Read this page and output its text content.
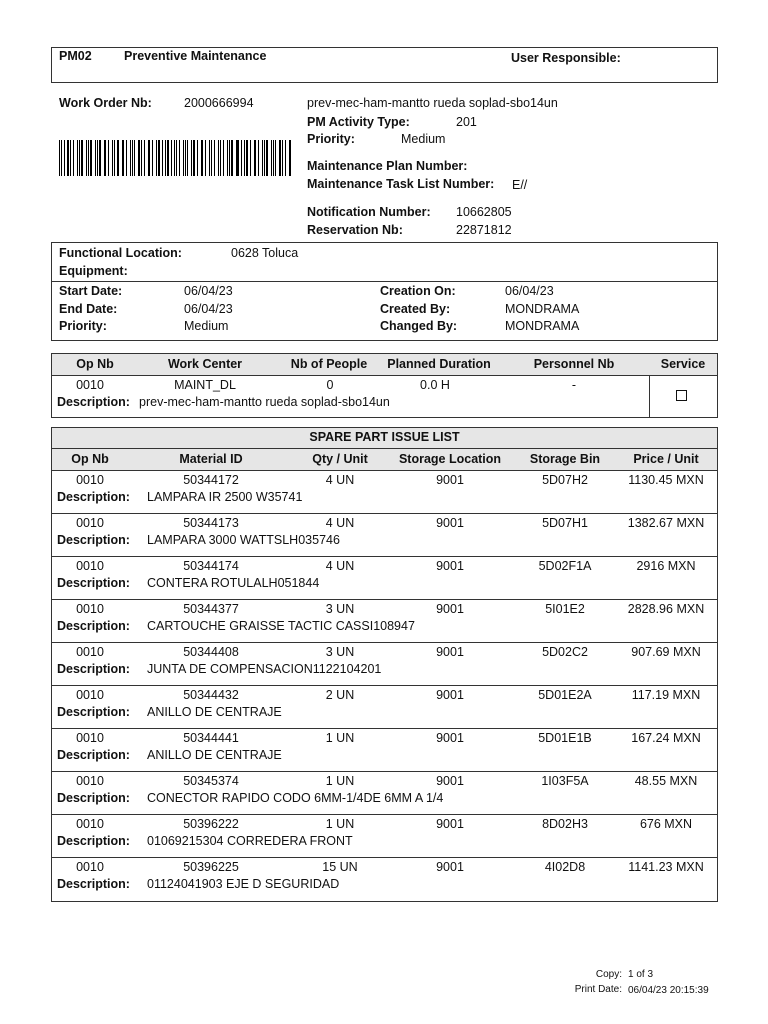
PM02	Preventive Maintenance	User Responsible:
Work Order Nb:	2000666994	prev-mec-ham-mantto rueda soplad-sbo14un
PM Activity Type:	201
Priority:	Medium
Maintenance Plan Number:
Maintenance Task List Number: E//
Notification Number: 10662805
Reservation Nb:	22871812
Functional Location:	0628 Toluca
Equipment:
Start Date:	06/04/23
End Date:	06/04/23
Priority:	Medium
Creation On:	06/04/23
Created By:	MONDRAMA
Changed By:	MONDRAMA
Op Nb	Work Center	Nb of People	Planned Duration	Personnel Nb	Service
0010	MAINT_DL	0	0.0 H	-
Description: prev-mec-ham-mantto rueda soplad-sbo14un
SPARE PART ISSUE LIST
Op Nb	Material ID	Qty / Unit	Storage Location	Storage Bin	Price / Unit
0010	50344172	4 UN	9001	5D07H2	1130.45 MXN
Description: LAMPARA IR 2500 W35741
0010	50344173	4 UN	9001	5D07H1	1382.67 MXN
Description: LAMPARA 3000 WATTSLH035746
0010	50344174	4 UN	9001	5D02F1A	2916 MXN
Description: CONTERA ROTULALH051844
0010	50344377	3 UN	9001	5I01E2	2828.96 MXN
Description: CARTOUCHE GRAISSE TACTIC CASSI108947
0010	50344408	3 UN	9001	5D02C2	907.69 MXN
Description: JUNTA DE COMPENSACION1122104201
0010	50344432	2 UN	9001	5D01E2A	117.19 MXN
Description: ANILLO DE CENTRAJE
0010	50344441	1 UN	9001	5D01E1B	167.24 MXN
Description: ANILLO DE CENTRAJE
0010	50345374	1 UN	9001	1I03F5A	48.55 MXN
Description: CONECTOR RAPIDO CODO 6MM-1/4DE 6MM A 1/4
0010	50396222	1 UN	9001	8D02H3	676 MXN
Description: 01069215304 CORREDERA FRONT
0010	50396225	15 UN	9001	4I02D8	1141.23 MXN
Description: 01124041903 EJE D SEGURIDAD
Copy: 1 of 3
Print Date: 06/04/23 20:15:39
